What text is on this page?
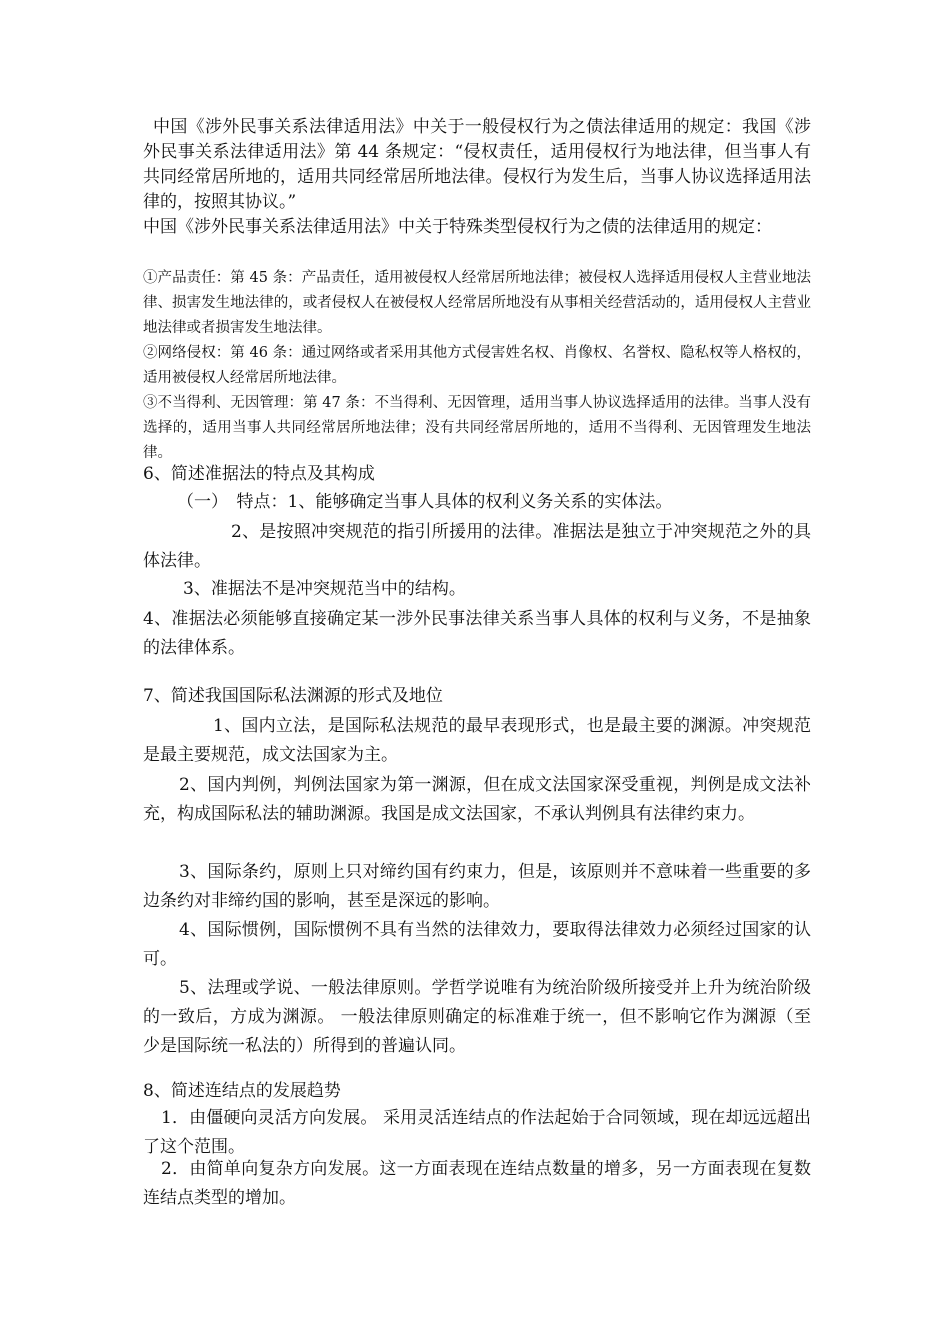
中国《涉外民事关系法律适用法》中关于一般侵权行为之债法律适用的规定：我国《涉外民事关系法律适用法》第 44 条规定：“侵权责任，适用侵权行为地法律，但当事人有共同经常居所地的，适用共同经常居所地法律。侵权行为发生后，当事人协议选择适用法律的，按照其协议。”

中国《涉外民事关系法律适用法》中关于特殊类型侵权行为之债的法律适用的规定：

①产品责任：第 45 条：产品责任，适用被侵权人经常居所地法律；被侵权人选择适用侵权人主营业地法律、损害发生地法律的，或者侵权人在被侵权人经常居所地没有从事相关经营活动的，适用侵权人主营业地法律或者损害发生地法律。

②网络侵权：第 46 条：通过网络或者采用其他方式侵害姓名权、肖像权、名誉权、隐私权等人格权的，适用被侵权人经常居所地法律。

③不当得利、无因管理：第 47 条：不当得利、无因管理，适用当事人协议选择适用的法律。当事人没有选择的，适用当事人共同经常居所地法律；没有共同经常居所地的，适用不当得利、无因管理发生地法律。

6、简述准据法的特点及其构成

（一）　特点：1、能够确定当事人具体的权利义务关系的实体法。

2、是按照冲突规范的指引所援用的法律。准据法是独立于冲突规范之外的具体法律。

3、准据法不是冲突规范当中的结构。

4、准据法必须能够直接确定某一涉外民事法律关系当事人具体的权利与义务，不是抽象的法律体系。

7、简述我国国际私法渊源的形式及地位

1、国内立法，是国际私法规范的最早表现形式，也是最主要的渊源。冲突规范是最主要规范，成文法国家为主。

2、国内判例，判例法国家为第一渊源，但在成文法国家深受重视，判例是成文法补充，构成国际私法的辅助渊源。我国是成文法国家，不承认判例具有法律约束力。

3、国际条约，原则上只对缔约国有约束力，但是，该原则并不意味着一些重要的多边条约对非缔约国的影响，甚至是深远的影响。

4、国际惯例，国际惯例不具有当然的法律效力，要取得法律效力必须经过国家的认可。

5、法理或学说、一般法律原则。学哲学说唯有为统治阶级所接受并上升为统治阶级的一致后，方成为渊源。 一般法律原则确定的标准难于统一，但不影响它作为渊源（至少是国际统一私法的）所得到的普遍认同。

8、简述连结点的发展趋势

1．由僵硬向灵活方向发展。 采用灵活连结点的作法起始于合同领域，现在却远远超出了这个范围。

2．由简单向复杂方向发展。这一方面表现在连结点数量的增多，另一方面表现在复数连结点类型的增加。
